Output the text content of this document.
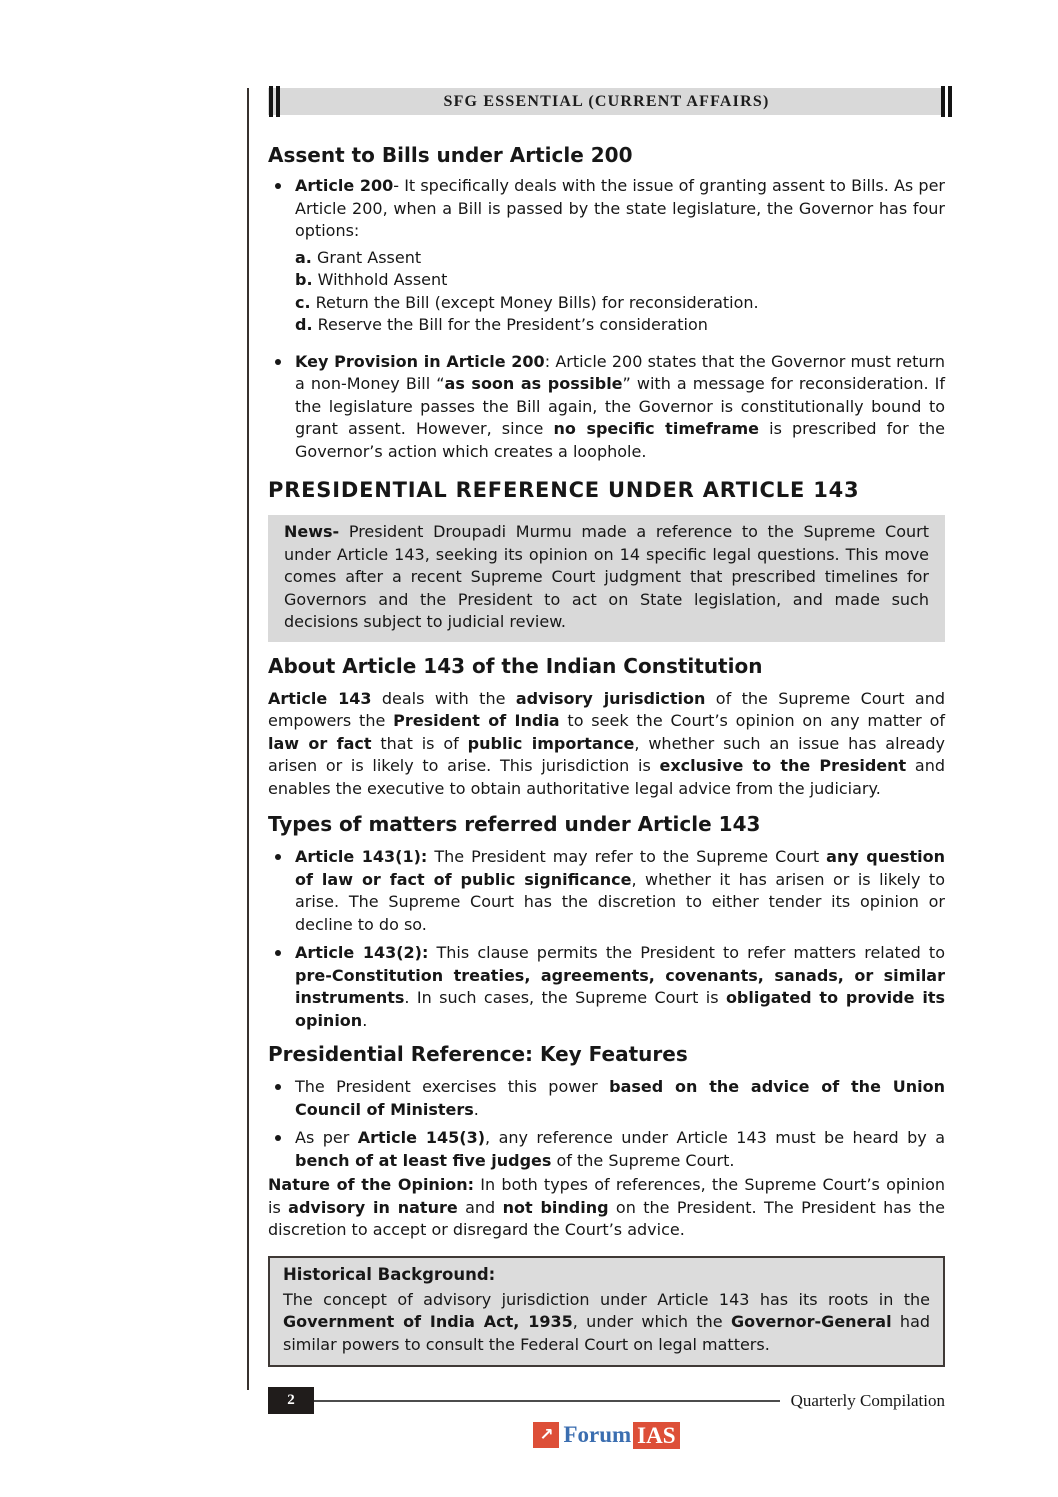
SFG ESSENTIAL (CURRENT AFFAIRS)
Assent to Bills under Article 200
Article 200- It specifically deals with the issue of granting assent to Bills. As per Article 200, when a Bill is passed by the state legislature, the Governor has four options:

a. Grant Assent

b. Withhold Assent

c. Return the Bill (except Money Bills) for reconsideration.

d. Reserve the Bill for the President’s consideration

Key Provision in Article 200: Article 200 states that the Governor must return a non-Money Bill “as soon as possible” with a message for reconsideration. If the legislature passes the Bill again, the Governor is constitutionally bound to grant assent. However, since no specific timeframe is prescribed for the Governor’s action which creates a loophole.
PRESIDENTIAL REFERENCE UNDER ARTICLE 143

News- President Droupadi Murmu made a reference to the Supreme Court under Article 143, seeking its opinion on 14 specific legal questions. This move comes after a recent Supreme Court judgment that prescribed timelines for Governors and the President to act on State legislation, and made such decisions subject to judicial review.

About Article 143 of the Indian Constitution

Article 143 deals with the advisory jurisdiction of the Supreme Court and empowers the President of India to seek the Court’s opinion on any matter of law or fact that is of public importance, whether such an issue has already arisen or is likely to arise. This jurisdiction is exclusive to the President and enables the executive to obtain authoritative legal advice from the judiciary.

Types of matters referred under Article 143
Article 143(1): The President may refer to the Supreme Court any question of law or fact of public significance, whether it has arisen or is likely to arise. The Supreme Court has the discretion to either tender its opinion or decline to do so.
Article 143(2): This clause permits the President to refer matters related to pre-Constitution treaties, agreements, covenants, sanads, or similar instruments. In such cases, the Supreme Court is obligated to provide its opinion.
Presidential Reference: Key Features
The President exercises this power based on the advice of the Union Council of Ministers.
As per Article 145(3), any reference under Article 143 must be heard by a bench of at least five judges of the Supreme Court.

Nature of the Opinion: In both types of references, the Supreme Court’s opinion is advisory in nature and not binding on the President. The President has the discretion to accept or disregard the Court’s advice.

Historical Background:

The concept of advisory jurisdiction under Article 143 has its roots in the Government of India Act, 1935, under which the Governor-General had similar powers to consult the Federal Court on legal matters.

2	Quarterly Compilation
↗ Forum IAS
